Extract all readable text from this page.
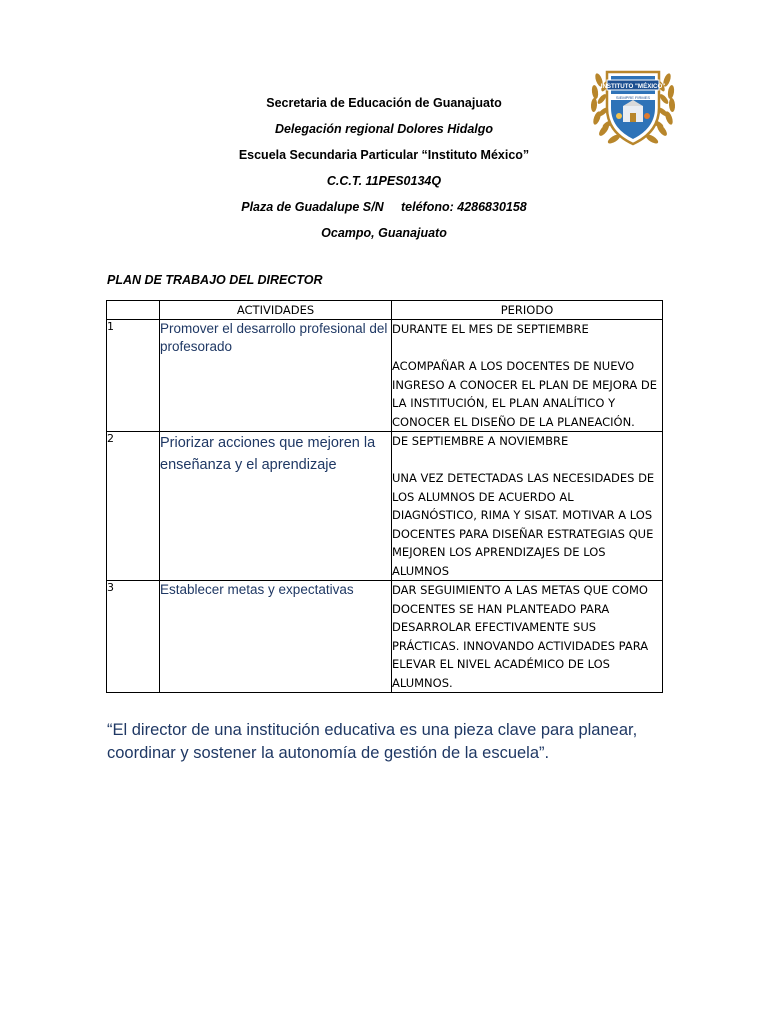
Secretaria de Educación de Guanajuato
Delegación regional Dolores Hidalgo
Escuela Secundaria Particular “Instituto México”
C.C.T. 11PES0134Q
Plaza de Guadalupe S/N     teléfono: 4286830158
Ocampo, Guanajuato
INSTITUTO "MÉXICO"
SIEMPRE FIRMES
PLAN DE TRABAJO DEL DIRECTOR
	ACTIVIDADES	PERIODO
1	Promover el desarrollo profesional del profesorado	DURANTE EL MES DE SEPTIEMBRE
ACOMPAÑAR A LOS DOCENTES DE NUEVO INGRESO A CONOCER EL PLAN DE MEJORA DE LA INSTITUCIÓN, EL PLAN ANALÍTICO Y CONOCER EL DISEÑO DE LA PLANEACIÓN.

2	Priorizar acciones que mejoren la enseñanza y el aprendizaje	DE SEPTIEMBRE A NOVIEMBRE
UNA VEZ DETECTADAS LAS NECESIDADES DE LOS ALUMNOS DE ACUERDO AL DIAGNÓSTICO, RIMA Y SISAT. MOTIVAR A LOS DOCENTES PARA DISEÑAR ESTRATEGIAS QUE MEJOREN LOS APRENDIZAJES DE LOS ALUMNOS

3	Establecer metas y expectativas	DAR SEGUIMIENTO A LAS METAS QUE COMO DOCENTES SE HAN PLANTEADO PARA DESARROLAR EFECTIVAMENTE SUS PRÁCTICAS. INNOVANDO ACTIVIDADES PARA ELEVAR EL NIVEL ACADÉMICO DE LOS ALUMNOS.
“El director de una institución educativa es una pieza clave para planear, coordinar y sostener la autonomía de gestión de la escuela”.
